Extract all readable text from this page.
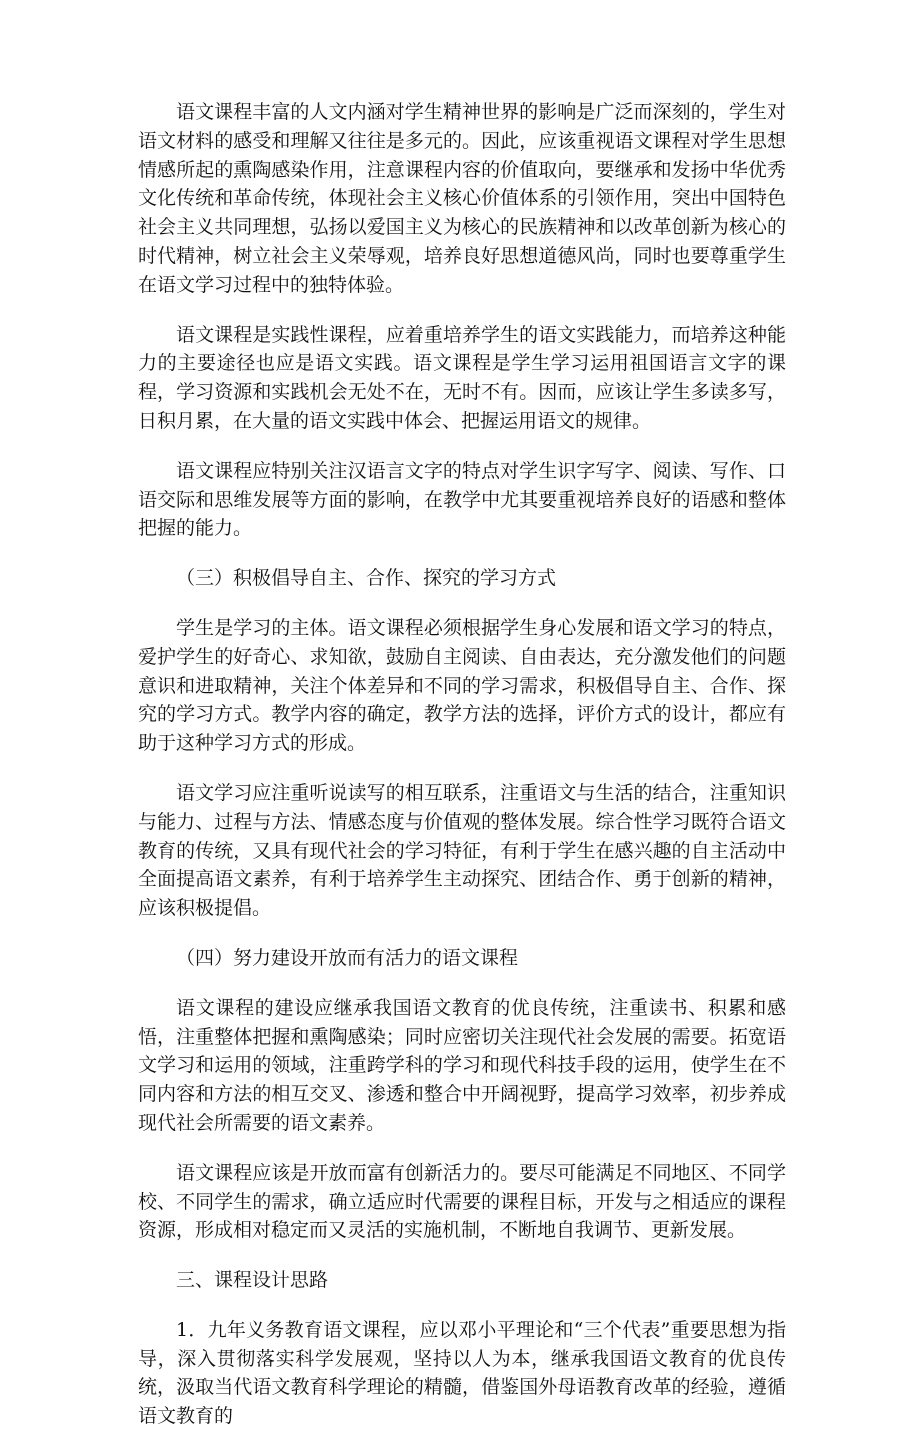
语文课程丰富的人文内涵对学生精神世界的影响是广泛而深刻的，学生对语文材料的感受和理解又往往是多元的。因此，应该重视语文课程对学生思想情感所起的熏陶感染作用，注意课程内容的价值取向，要继承和发扬中华优秀文化传统和革命传统，体现社会主义核心价值体系的引领作用，突出中国特色社会主义共同理想，弘扬以爱国主义为核心的民族精神和以改革创新为核心的时代精神，树立社会主义荣辱观，培养良好思想道德风尚，同时也要尊重学生在语文学习过程中的独特体验。

语文课程是实践性课程，应着重培养学生的语文实践能力，而培养这种能力的主要途径也应是语文实践。语文课程是学生学习运用祖国语言文字的课程，学习资源和实践机会无处不在，无时不有。因而，应该让学生多读多写，日积月累，在大量的语文实践中体会、把握运用语文的规律。

语文课程应特别关注汉语言文字的特点对学生识字写字、阅读、写作、口语交际和思维发展等方面的影响，在教学中尤其要重视培养良好的语感和整体把握的能力。

（三）积极倡导自主、合作、探究的学习方式

学生是学习的主体。语文课程必须根据学生身心发展和语文学习的特点，爱护学生的好奇心、求知欲，鼓励自主阅读、自由表达，充分激发他们的问题意识和进取精神，关注个体差异和不同的学习需求，积极倡导自主、合作、探究的学习方式。教学内容的确定，教学方法的选择，评价方式的设计，都应有助于这种学习方式的形成。

语文学习应注重听说读写的相互联系，注重语文与生活的结合，注重知识与能力、过程与方法、情感态度与价值观的整体发展。综合性学习既符合语文教育的传统，又具有现代社会的学习特征，有利于学生在感兴趣的自主活动中全面提高语文素养，有利于培养学生主动探究、团结合作、勇于创新的精神，应该积极提倡。

（四）努力建设开放而有活力的语文课程

语文课程的建设应继承我国语文教育的优良传统，注重读书、积累和感悟，注重整体把握和熏陶感染；同时应密切关注现代社会发展的需要。拓宽语文学习和运用的领域，注重跨学科的学习和现代科技手段的运用，使学生在不同内容和方法的相互交叉、渗透和整合中开阔视野，提高学习效率，初步养成现代社会所需要的语文素养。

语文课程应该是开放而富有创新活力的。要尽可能满足不同地区、不同学校、不同学生的需求，确立适应时代需要的课程目标，开发与之相适应的课程资源，形成相对稳定而又灵活的实施机制，不断地自我调节、更新发展。

三、课程设计思路

1．九年义务教育语文课程，应以邓小平理论和“三个代表”重要思想为指导，深入贯彻落实科学发展观，坚持以人为本，继承我国语文教育的优良传统，汲取当代语文教育科学理论的精髓，借鉴国外母语教育改革的经验，遵循语文教育的
